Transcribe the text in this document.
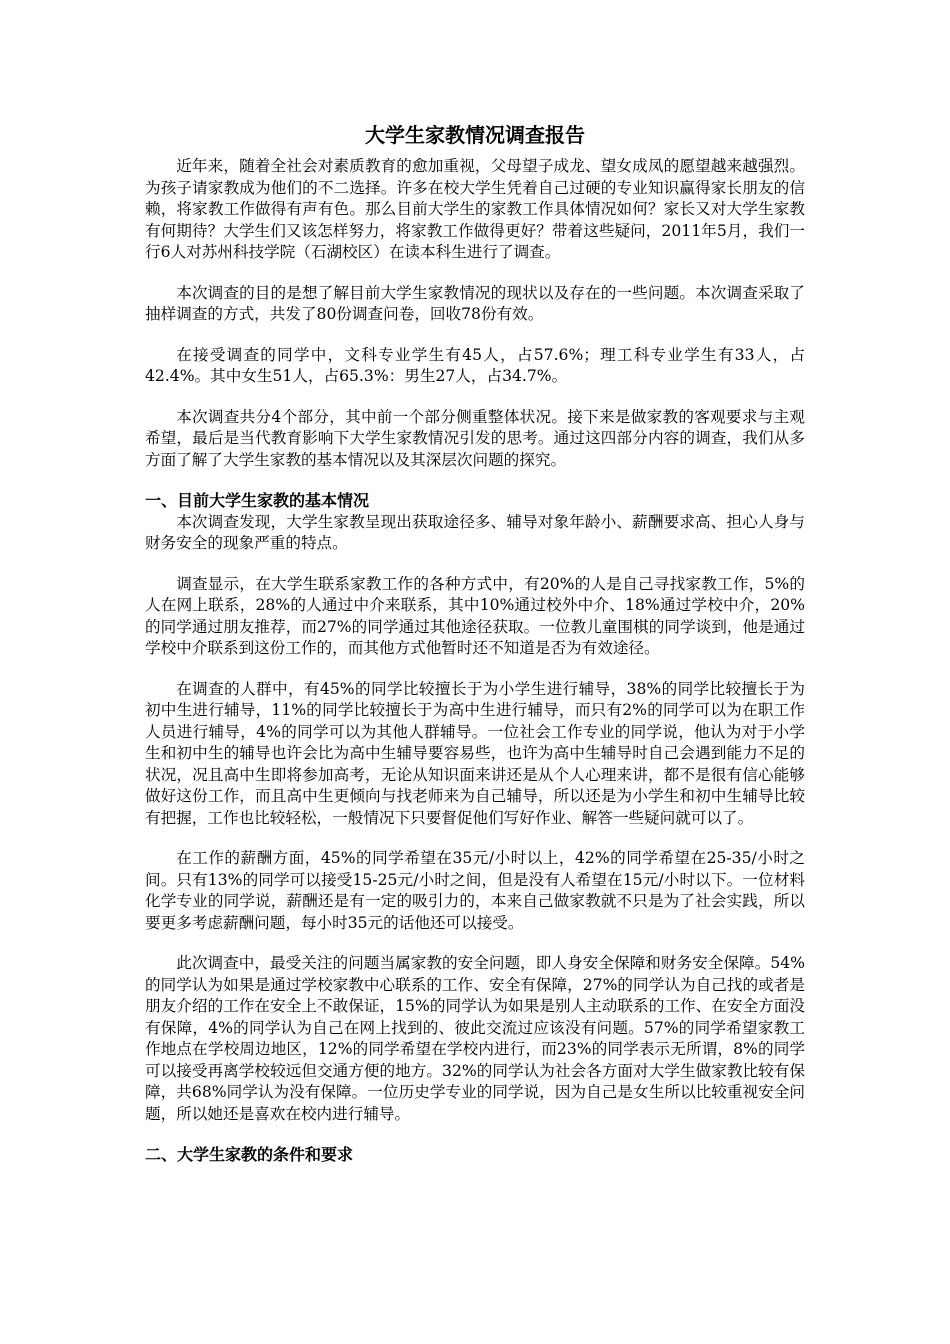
大学生家教情况调查报告

近年来，随着全社会对素质教育的愈加重视，父母望子成龙、望女成凤的愿望越来越强烈。为孩子请家教成为他们的不二选择。许多在校大学生凭着自己过硬的专业知识赢得家长朋友的信赖，将家教工作做得有声有色。那么目前大学生的家教工作具体情况如何？家长又对大学生家教有何期待？大学生们又该怎样努力，将家教工作做得更好？带着这些疑问，2011年5月，我们一行6人对苏州科技学院（石湖校区）在读本科生进行了调查。

本次调查的目的是想了解目前大学生家教情况的现状以及存在的一些问题。本次调查采取了抽样调查的方式，共发了80份调查问卷，回收78份有效。

在接受调查的同学中，文科专业学生有45人，占57.6%；理工科专业学生有33人，占42.4%。其中女生51人，占65.3%：男生27人，占34.7%。

本次调查共分4个部分，其中前一个部分侧重整体状况。接下来是做家教的客观要求与主观希望，最后是当代教育影响下大学生家教情况引发的思考。通过这四部分内容的调查，我们从多方面了解了大学生家教的基本情况以及其深层次问题的探究。

一、目前大学生家教的基本情况

本次调查发现，大学生家教呈现出获取途径多、辅导对象年龄小、薪酬要求高、担心人身与财务安全的现象严重的特点。

调查显示，在大学生联系家教工作的各种方式中，有20%的人是自己寻找家教工作，5%的人在网上联系，28%的人通过中介来联系，其中10%通过校外中介、18%通过学校中介，20%的同学通过朋友推荐，而27%的同学通过其他途径获取。一位教儿童围棋的同学谈到，他是通过学校中介联系到这份工作的，而其他方式他暂时还不知道是否为有效途径。

在调查的人群中，有45%的同学比较擅长于为小学生进行辅导，38%的同学比较擅长于为初中生进行辅导，11%的同学比较擅长于为高中生进行辅导，而只有2%的同学可以为在职工作人员进行辅导，4%的同学可以为其他人群辅导。一位社会工作专业的同学说，他认为对于小学生和初中生的辅导也许会比为高中生辅导要容易些，也许为高中生辅导时自己会遇到能力不足的状况，况且高中生即将参加高考，无论从知识面来讲还是从个人心理来讲，都不是很有信心能够做好这份工作，而且高中生更倾向与找老师来为自己辅导，所以还是为小学生和初中生辅导比较有把握，工作也比较轻松，一般情况下只要督促他们写好作业、解答一些疑问就可以了。

在工作的薪酬方面，45%的同学希望在35元/小时以上，42%的同学希望在25-35/小时之间。只有13%的同学可以接受15-25元/小时之间，但是没有人希望在15元/小时以下。一位材料化学专业的同学说，薪酬还是有一定的吸引力的，本来自己做家教就不只是为了社会实践，所以要更多考虑薪酬问题，每小时35元的话他还可以接受。

此次调查中，最受关注的问题当属家教的安全问题，即人身安全保障和财务安全保障。54%的同学认为如果是通过学校家教中心联系的工作、安全有保障，27%的同学认为自己找的或者是朋友介绍的工作在安全上不敢保证，15%的同学认为如果是别人主动联系的工作、在安全方面没有保障，4%的同学认为自己在网上找到的、彼此交流过应该没有问题。57%的同学希望家教工作地点在学校周边地区，12%的同学希望在学校内进行，而23%的同学表示无所谓，8%的同学可以接受再离学校较远但交通方便的地方。32%的同学认为社会各方面对大学生做家教比较有保障，共68%同学认为没有保障。一位历史学专业的同学说，因为自己是女生所以比较重视安全问题，所以她还是喜欢在校内进行辅导。

二、大学生家教的条件和要求
